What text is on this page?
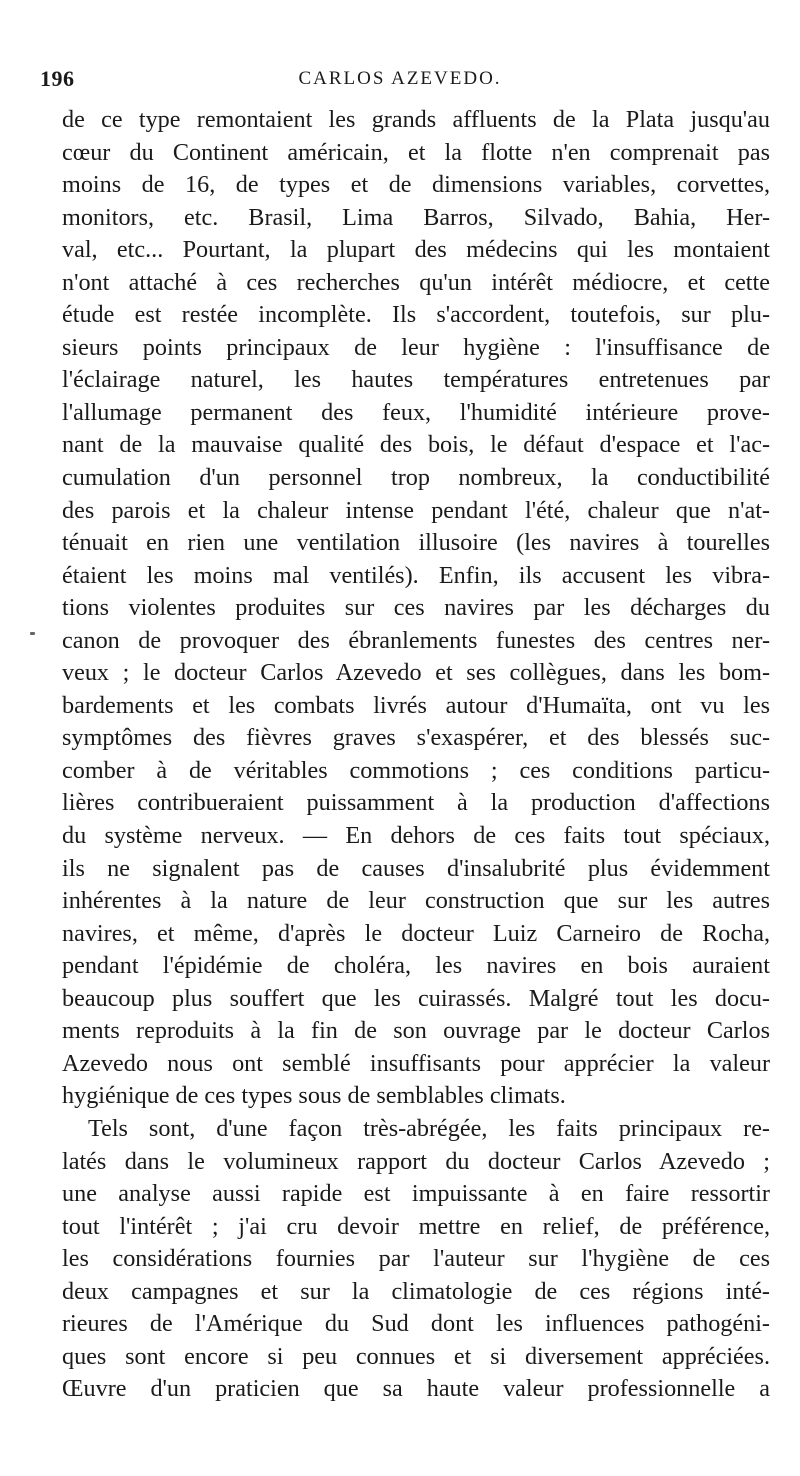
196	CARLOS AZEVEDO.
de ce type remontaient les grands affluents de la Plata jusqu'au
cœur du Continent américain, et la flotte n'en comprenait pas
moins de 16, de types et de dimensions variables, corvettes,
monitors, etc. Brasil, Lima Barros, Silvado, Bahia, Her-
val, etc... Pourtant, la plupart des médecins qui les montaient
n'ont attaché à ces recherches qu'un intérêt médiocre, et cette
étude est restée incomplète. Ils s'accordent, toutefois, sur plu-
sieurs points principaux de leur hygiène : l'insuffisance de
l'éclairage naturel, les hautes températures entretenues par
l'allumage permanent des feux, l'humidité intérieure prove-
nant de la mauvaise qualité des bois, le défaut d'espace et l'ac-
cumulation d'un personnel trop nombreux, la conductibilité
des parois et la chaleur intense pendant l'été, chaleur que n'at-
ténuait en rien une ventilation illusoire (les navires à tourelles
étaient les moins mal ventilés). Enfin, ils accusent les vibra-
tions violentes produites sur ces navires par les décharges du
canon de provoquer des ébranlements funestes des centres ner-
veux ; le docteur Carlos Azevedo et ses collègues, dans les bom-
bardements et les combats livrés autour d'Humaïta, ont vu les
symptômes des fièvres graves s'exaspérer, et des blessés suc-
comber à de véritables commotions ; ces conditions particu-
lières contribueraient puissamment à la production d'affections
du système nerveux. — En dehors de ces faits tout spéciaux,
ils ne signalent pas de causes d'insalubrité plus évidemment
inhérentes à la nature de leur construction que sur les autres
navires, et même, d'après le docteur Luiz Carneiro de Rocha,
pendant l'épidémie de choléra, les navires en bois auraient
beaucoup plus souffert que les cuirassés. Malgré tout les docu-
ments reproduits à la fin de son ouvrage par le docteur Carlos
Azevedo nous ont semblé insuffisants pour apprécier la valeur
hygiénique de ces types sous de semblables climats.
Tels sont, d'une façon très-abrégée, les faits principaux re-
latés dans le volumineux rapport du docteur Carlos Azevedo ;
une analyse aussi rapide est impuissante à en faire ressortir
tout l'intérêt ; j'ai cru devoir mettre en relief, de préférence,
les considérations fournies par l'auteur sur l'hygiène de ces
deux campagnes et sur la climatologie de ces régions inté-
rieures de l'Amérique du Sud dont les influences pathogéni-
ques sont encore si peu connues et si diversement appréciées.
Œuvre d'un praticien que sa haute valeur professionnelle a
